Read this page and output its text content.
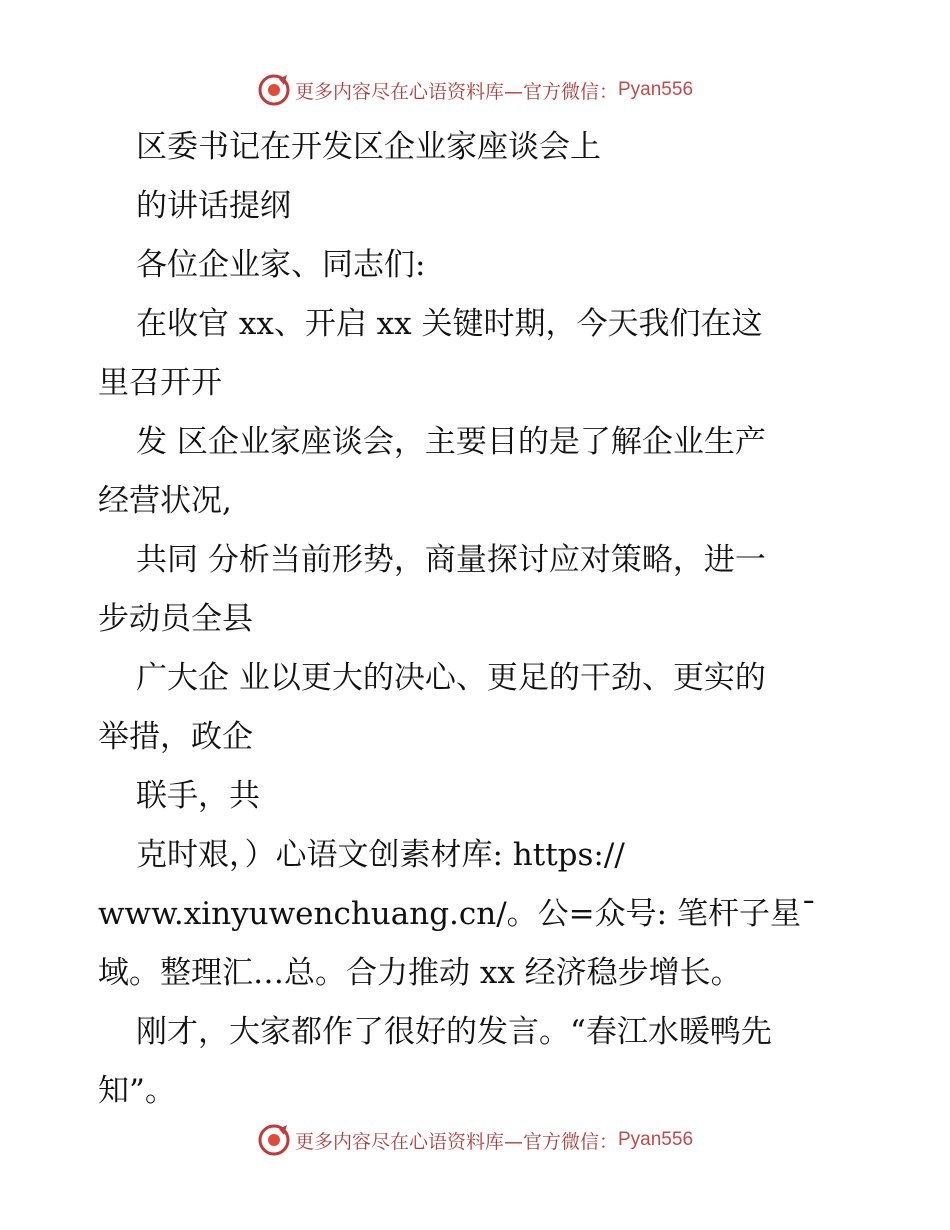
更多内容尽在心语资料库—官方微信： Pyan556
区委书记在开发区企业家座谈会上
的讲话提纲
各位企业家、同志们:
在收官 xx、开启 xx 关键时期，今天我们在这
里召开开
发 区企业家座谈会，主要目的是了解企业生产
经营状况,
共同 分析当前形势，商量探讨应对策略，进一
步动员全县
广大企 业以更大的决心、更足的干劲、更实的
举措，政企
联手，共
克时艰，）心语文创素材库: https://
www.xinyuwenchuang.cn/。公=众号: 笔杆子星¯
域。整理汇…总。合力推动 xx 经济稳步增长。
刚才，大家都作了很好的发言。“春江水暖鸭先
知”。
更多内容尽在心语资料库—官方微信： Pyan556
